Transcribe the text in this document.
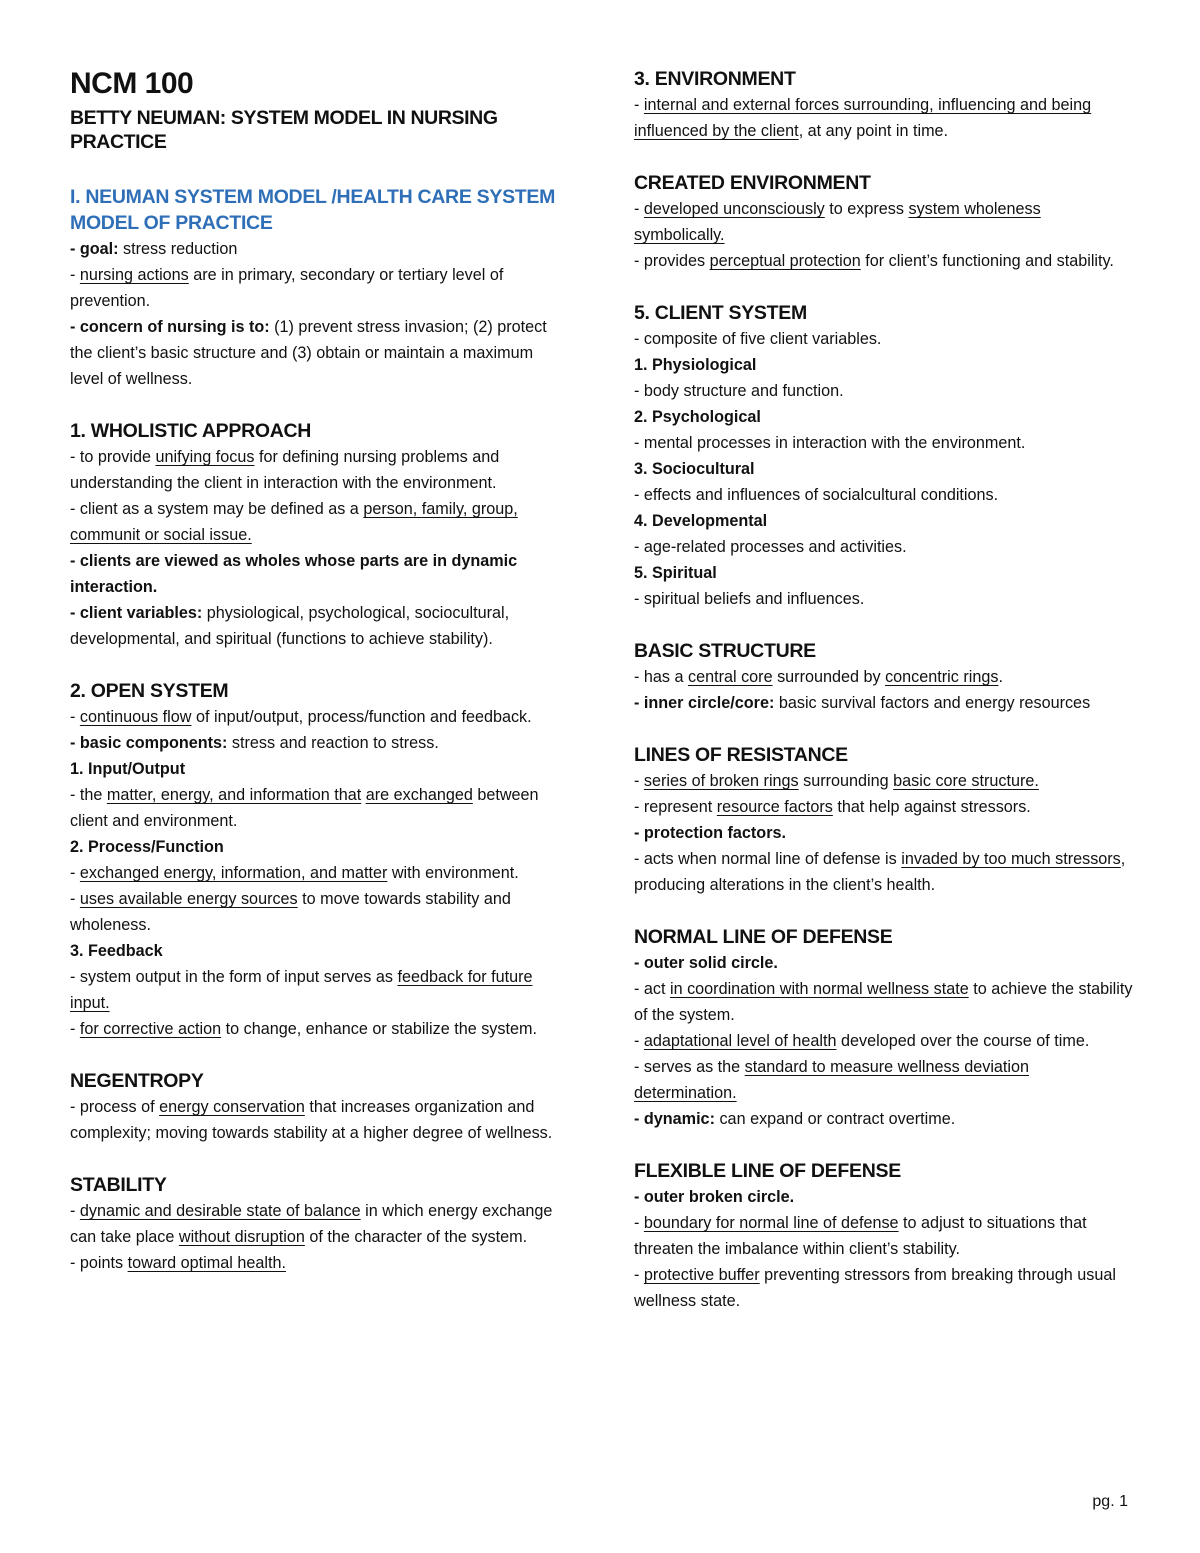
NCM 100
BETTY NEUMAN: SYSTEM MODEL IN NURSING PRACTICE
I. NEUMAN SYSTEM MODEL /HEALTH CARE SYSTEM MODEL OF PRACTICE

- goal: stress reduction

- nursing actions are in primary, secondary or tertiary level of prevention.

- concern of nursing is to: (1) prevent stress invasion; (2) protect the client’s basic structure and (3) obtain or maintain a maximum level of wellness.

1. WHOLISTIC APPROACH

- to provide unifying focus for defining nursing problems and understanding the client in interaction with the environment.

- client as a system may be defined as a person, family, group, communit or social issue.

- clients are viewed as wholes whose parts are in dynamic interaction.

- client variables: physiological, psychological, sociocultural, developmental, and spiritual (functions to achieve stability).

2. OPEN SYSTEM

- continuous flow of input/output, process/function and feedback.

- basic components: stress and reaction to stress.

1. Input/Output

- the matter, energy, and information that are exchanged between client and environment.

2. Process/Function

- exchanged energy, information, and matter with environment.

- uses available energy sources to move towards stability and wholeness.

3. Feedback

- system output in the form of input serves as feedback for future input.

- for corrective action to change, enhance or stabilize the system.

NEGENTROPY

- process of energy conservation that increases organization and complexity; moving towards stability at a higher degree of wellness.

STABILITY

- dynamic and desirable state of balance in which energy exchange can take place without disruption of the character of the system.

- points toward optimal health.

3. ENVIRONMENT

- internal and external forces surrounding, influencing and being influenced by the client, at any point in time.

CREATED ENVIRONMENT

- developed unconsciously to express system wholeness symbolically.

- provides perceptual protection for client’s functioning and stability.

5. CLIENT SYSTEM

- composite of five client variables.

1. Physiological

- body structure and function.

2. Psychological

- mental processes in interaction with the environment.

3. Sociocultural

- effects and influences of socialcultural conditions.

4. Developmental

- age-related processes and activities.

5. Spiritual

- spiritual beliefs and influences.

BASIC STRUCTURE

- has a central core surrounded by concentric rings.

- inner circle/core: basic survival factors and energy resources

LINES OF RESISTANCE

- series of broken rings surrounding basic core structure.

- represent resource factors that help against stressors.

- protection factors.

- acts when normal line of defense is invaded by too much stressors, producing alterations in the client’s health.

NORMAL LINE OF DEFENSE

- outer solid circle.

- act in coordination with normal wellness state to achieve the stability of the system.

- adaptational level of health developed over the course of time.

- serves as the standard to measure wellness deviation determination.

- dynamic: can expand or contract overtime.

FLEXIBLE LINE OF DEFENSE

- outer broken circle.

- boundary for normal line of defense to adjust to situations that threaten the imbalance within client’s stability.

- protective buffer preventing stressors from breaking through usual wellness state.

pg. 1
